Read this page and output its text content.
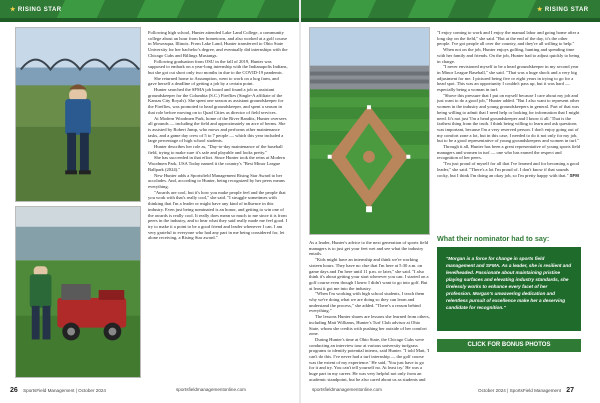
★ RISING STAR	★ RISING STAR

Following high school, Hunter attended Lake Land College, a community college about an hour from her hometown, and also worked at a golf course in Moweaqua, Illinois. From Lake Land, Hunter transferred to Ohio State University for her bachelor's degree, and eventually did internships with the Chicago Cubs and Billings Mustangs.

Following graduation from OSU in the fall of 2019, Hunter was supposed to embark on a year-long internship with the Indianapolis Indians, but she got cut short only two months in due to the COVID-19 pandemic.

She returned home to Assumption, went to work on a hog farm, and gave herself a deadline of getting a job by a certain point.

Hunter searched the SFMA job board and found a job as assistant groundskeeper for the Columbia (S.C.) Fireflies (Single-A affiliate of the Kansas City Royals). She spent one season as assistant groundskeeper for the Fireflies, was promoted to head groundskeeper, and spent a season in that role before moving on to Quad Cities as director of field services.

At Modern Woodmen Park, home of the River Bandits, Hunter oversees all grounds — including the field and approximately an acre of berms. She is assisted by Robert Jump, who mows and performs other maintenance tasks, and a game day crew of 5 to 7 people — which this year included a large percentage of high school students.

Hunter describes her role as, "Day-to-day maintenance of the baseball field, trying to make sure it's safe and playable and looks pretty."

She has succeeded in that effort. Since Hunter took the reins at Modern Woodmen Park, USA Today named it the country's "Best Minor League Ballpark (2024)."

New Hunter adds a Sportsfield Management Rising Star Award to her accolades. And, according to Hunter, being recognized by her peers means everything.

"Awards are cool, but it's how you make people feel and the people that you work with that's really cool," she said. "I struggle sometimes with thinking that I'm a leader or might have any kind of influence in this industry. Even just being nominated is an honor, and getting to win one of the awards is really cool. It really does mean so much to me since it is from peers in the industry, and to hear what they said really made me feel good. I try to make it a point to be a good friend and leader whenever I can. I am very grateful to everyone who had any part in me being considered for, let alone receiving, a Rising Star award."

As a leader, Hunter's advice to the next generation of sports field managers is to just get your feet wet and see what the industry entails.

"Kids might have an internship and think we're working sixteen hours. They have no clue that I'm here at 5:30 a.m. on game days and I'm here until 11 p.m. or later," she said. "I also think it's about getting your start wherever you can. I started on a golf course even though I knew I didn't want to go into golf. But at least it got me into the industry.

"When I'm working with high school students, I teach them why we're doing what we are doing so they can learn and understand the process," she added. "There's a reason behind everything."

The lessons Hunter shares are lessons she learned from others, including Matt Williams, Hunter's Turf Club advisor at Ohio State, whom she credits with pushing her outside of her comfort zone.

During Hunter's time at Ohio State, the Chicago Cubs were conducting an interview tour at various university turfgrass programs to identify potential interns, said Hunter. "I told Matt, 'I can't do this. I've never had a turf internship — the golf course was the extent of my experience.' He said, 'You just have to go for it and try. You can't tell yourself no. At least try.' He was a huge part in my career. He was very helpful not only from an academic standpoint, but he also cared about us as students and

"I enjoy coming to work and I enjoy the manual labor and going home after a long day on the field," she said. "But at the end of the day, it's the other people. I've got people all over the country, and they're all willing to help."

When not on the job, Hunter enjoys golfing, hunting and spending time with her family and friends. On the job, Hunter had to adjust quickly to being in charge.

"I never envisioned myself to be a head groundskeeper in my second year in Minor League Baseball," she said. "That was a huge shock and a very big adjustment for me. I pictured being five or eight years in trying to go for a head spot. This was an opportunity I couldn't pass up, but it was hard — especially being a woman in turf.

"Shove this pressure that I put on myself because I care about my job and just want to do a good job," Hunter added. "But I also want to represent other women in the industry and young groundskeepers in general. Part of that was being willing to admit that I need help or looking for information that I might need. It's not just 'I'm a head groundskeeper and I know it all.' That is the farthest thing from the truth. I think being willing to learn and ask questions was important, because I'm a very reserved person. I don't enjoy going out of my comfort zone a lot, but in this case, I needed to do it not only for my job, but to be a good representative of young groundskeepers and women in turf."

Through it all, Hunter has been a great representative of young sports field managers and women in turf — one who has earned the respect and recognition of her peers.

"I'm just proud of myself for all that I've learned and for becoming a good leader," she said. "There's a lot I'm proud of. I don't know if that sounds cocky, but I think I'm doing an okay job, so I'm pretty happy with that." SFM

What their nominator had to say:
"Morgan is a force for change in sports field management and SFMA. As a leader, she is resilient and levelheaded. Passionate about maintaining pristine playing surfaces and elevating industry standards, she tirelessly works to enhance every facet of her profession. Morgan's unwavering dedication and relentless pursuit of excellence make her a deserving candidate for recognition."
CLICK FOR BONUS PHOTOS
26 SportsField Management | October 2024	sportsfieldmanagementonline.com	sportsfieldmanagementonline.com	October 2024 | SportsField Management 27
